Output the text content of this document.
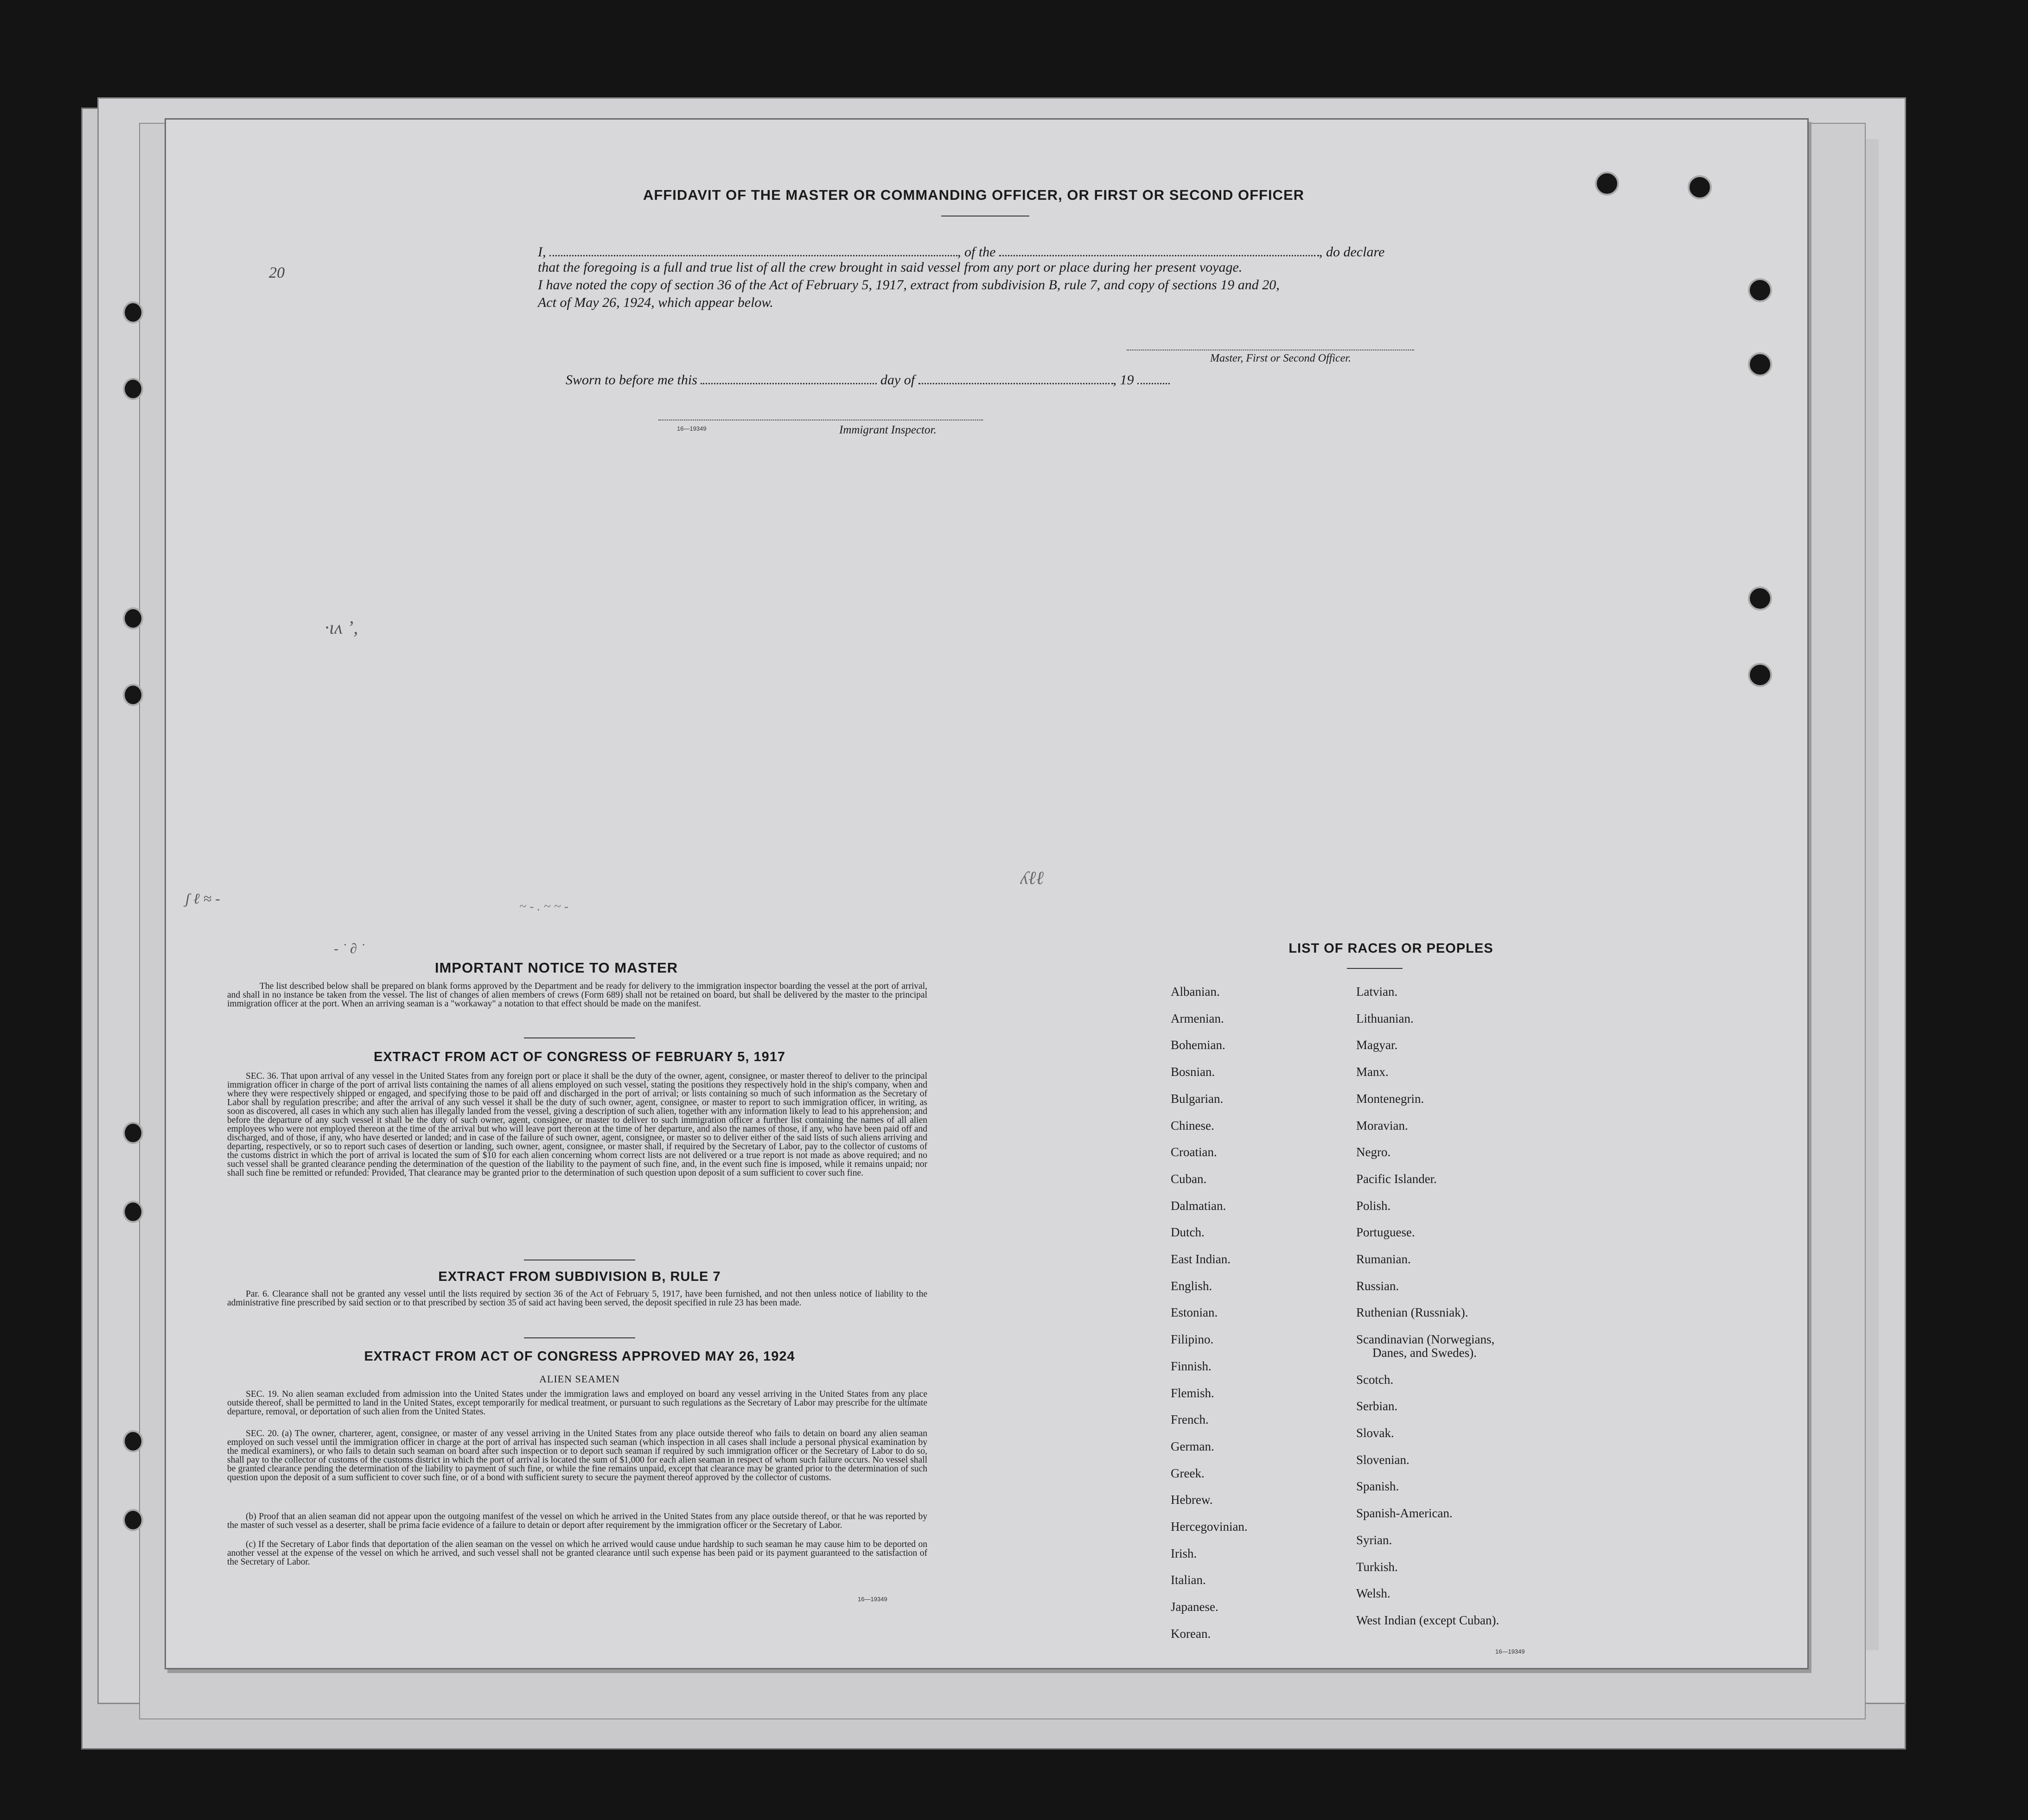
AFFIDAVIT OF THE MASTER OR COMMANDING OFFICER, OR FIRST OR SECOND OFFICER
20
I,	, of the	, do declare
that the foregoing is a full and true list of all the crew brought in said vessel from any port or place during her present voyage.
I have noted the copy of section 36 of the Act of February 5, 1917, extract from subdivision B, rule 7, and copy of sections 19 and 20,
Act of May 26, 1924, which appear below.
Master, First or Second Officer.
Sworn to before me this	day of	, 19
16—19349	Immigrant Inspector.
·ιʌ ʼ,
ʃ ℓ ≈ -	~ - . ~ ~ -
ʎℓℓ
- ˙ ∂ ˙
IMPORTANT NOTICE TO MASTER
The list described below shall be prepared on blank forms approved by the Department and be ready for delivery to the immigration inspector boarding the vessel at the port of arrival, and shall in no instance be taken from the vessel. The list of changes of alien members of crews (Form 689) shall not be retained on board, but shall be delivered by the master to the principal immigration officer at the port. When an arriving seaman is a "workaway" a notation to that effect should be made on the manifest.
EXTRACT FROM ACT OF CONGRESS OF FEBRUARY 5, 1917
SEC. 36. That upon arrival of any vessel in the United States from any foreign port or place it shall be the duty of the owner, agent, consignee, or master thereof to deliver to the principal immigration officer in charge of the port of arrival lists containing the names of all aliens employed on such vessel, stating the positions they respectively hold in the ship's company, when and where they were respectively shipped or engaged, and specifying those to be paid off and discharged in the port of arrival; or lists containing so much of such information as the Secretary of Labor shall by regulation prescribe; and after the arrival of any such vessel it shall be the duty of such owner, agent, consignee, or master to report to such immigration officer, in writing, as soon as discovered, all cases in which any such alien has illegally landed from the vessel, giving a description of such alien, together with any information likely to lead to his apprehension; and before the departure of any such vessel it shall be the duty of such owner, agent, consignee, or master to deliver to such immigration officer a further list containing the names of all alien employees who were not employed thereon at the time of the arrival but who will leave port thereon at the time of her departure, and also the names of those, if any, who have been paid off and discharged, and of those, if any, who have deserted or landed; and in case of the failure of such owner, agent, consignee, or master so to deliver either of the said lists of such aliens arriving and departing, respectively, or so to report such cases of desertion or landing, such owner, agent, consignee, or master shall, if required by the Secretary of Labor, pay to the collector of customs of the customs district in which the port of arrival is located the sum of $10 for each alien concerning whom correct lists are not delivered or a true report is not made as above required; and no such vessel shall be granted clearance pending the determination of the question of the liability to the payment of such fine, and, in the event such fine is imposed, while it remains unpaid; nor shall such fine be remitted or refunded: Provided, That clearance may be granted prior to the determination of such question upon deposit of a sum sufficient to cover such fine.
EXTRACT FROM SUBDIVISION B, RULE 7
Par. 6. Clearance shall not be granted any vessel until the lists required by section 36 of the Act of February 5, 1917, have been furnished, and not then unless notice of liability to the administrative fine prescribed by said section or to that prescribed by section 35 of said act having been served, the deposit specified in rule 23 has been made.
EXTRACT FROM ACT OF CONGRESS APPROVED MAY 26, 1924
ALIEN SEAMEN
SEC. 19. No alien seaman excluded from admission into the United States under the immigration laws and employed on board any vessel arriving in the United States from any place outside thereof, shall be permitted to land in the United States, except temporarily for medical treatment, or pursuant to such regulations as the Secretary of Labor may prescribe for the ultimate departure, removal, or deportation of such alien from the United States.
SEC. 20. (a) The owner, charterer, agent, consignee, or master of any vessel arriving in the United States from any place outside thereof who fails to detain on board any alien seaman employed on such vessel until the immigration officer in charge at the port of arrival has inspected such seaman (which inspection in all cases shall include a personal physical examination by the medical examiners), or who fails to detain such seaman on board after such inspection or to deport such seaman if required by such immigration officer or the Secretary of Labor to do so, shall pay to the collector of customs of the customs district in which the port of arrival is located the sum of $1,000 for each alien seaman in respect of whom such failure occurs. No vessel shall be granted clearance pending the determination of the liability to payment of such fine, or while the fine remains unpaid, except that clearance may be granted prior to the determination of such question upon the deposit of a sum sufficient to cover such fine, or of a bond with sufficient surety to secure the payment thereof approved by the collector of customs.
(b) Proof that an alien seaman did not appear upon the outgoing manifest of the vessel on which he arrived in the United States from any place outside thereof, or that he was reported by the master of such vessel as a deserter, shall be prima facie evidence of a failure to detain or deport after requirement by the immigration officer or the Secretary of Labor.
(c) If the Secretary of Labor finds that deportation of the alien seaman on the vessel on which he arrived would cause undue hardship to such seaman he may cause him to be deported on another vessel at the expense of the vessel on which he arrived, and such vessel shall not be granted clearance until such expense has been paid or its payment guaranteed to the satisfaction of the Secretary of Labor.
16—19349
LIST OF RACES OR PEOPLES
Albanian.
Armenian.
Bohemian.
Bosnian.
Bulgarian.
Chinese.
Croatian.
Cuban.
Dalmatian.
Dutch.
East Indian.
English.
Estonian.
Filipino.
Finnish.
Flemish.
French.
German.
Greek.
Hebrew.
Hercegovinian.
Irish.
Italian.
Japanese.
Korean.
Latvian.
Lithuanian.
Magyar.
Manx.
Montenegrin.
Moravian.
Negro.
Pacific Islander.
Polish.
Portuguese.
Rumanian.
Russian.
Ruthenian (Russniak).
Scandinavian (Norwegians,
Danes, and Swedes).
Scotch.
Serbian.
Slovak.
Slovenian.
Spanish.
Spanish-American.
Syrian.
Turkish.
Welsh.
West Indian (except Cuban).
16—19349
